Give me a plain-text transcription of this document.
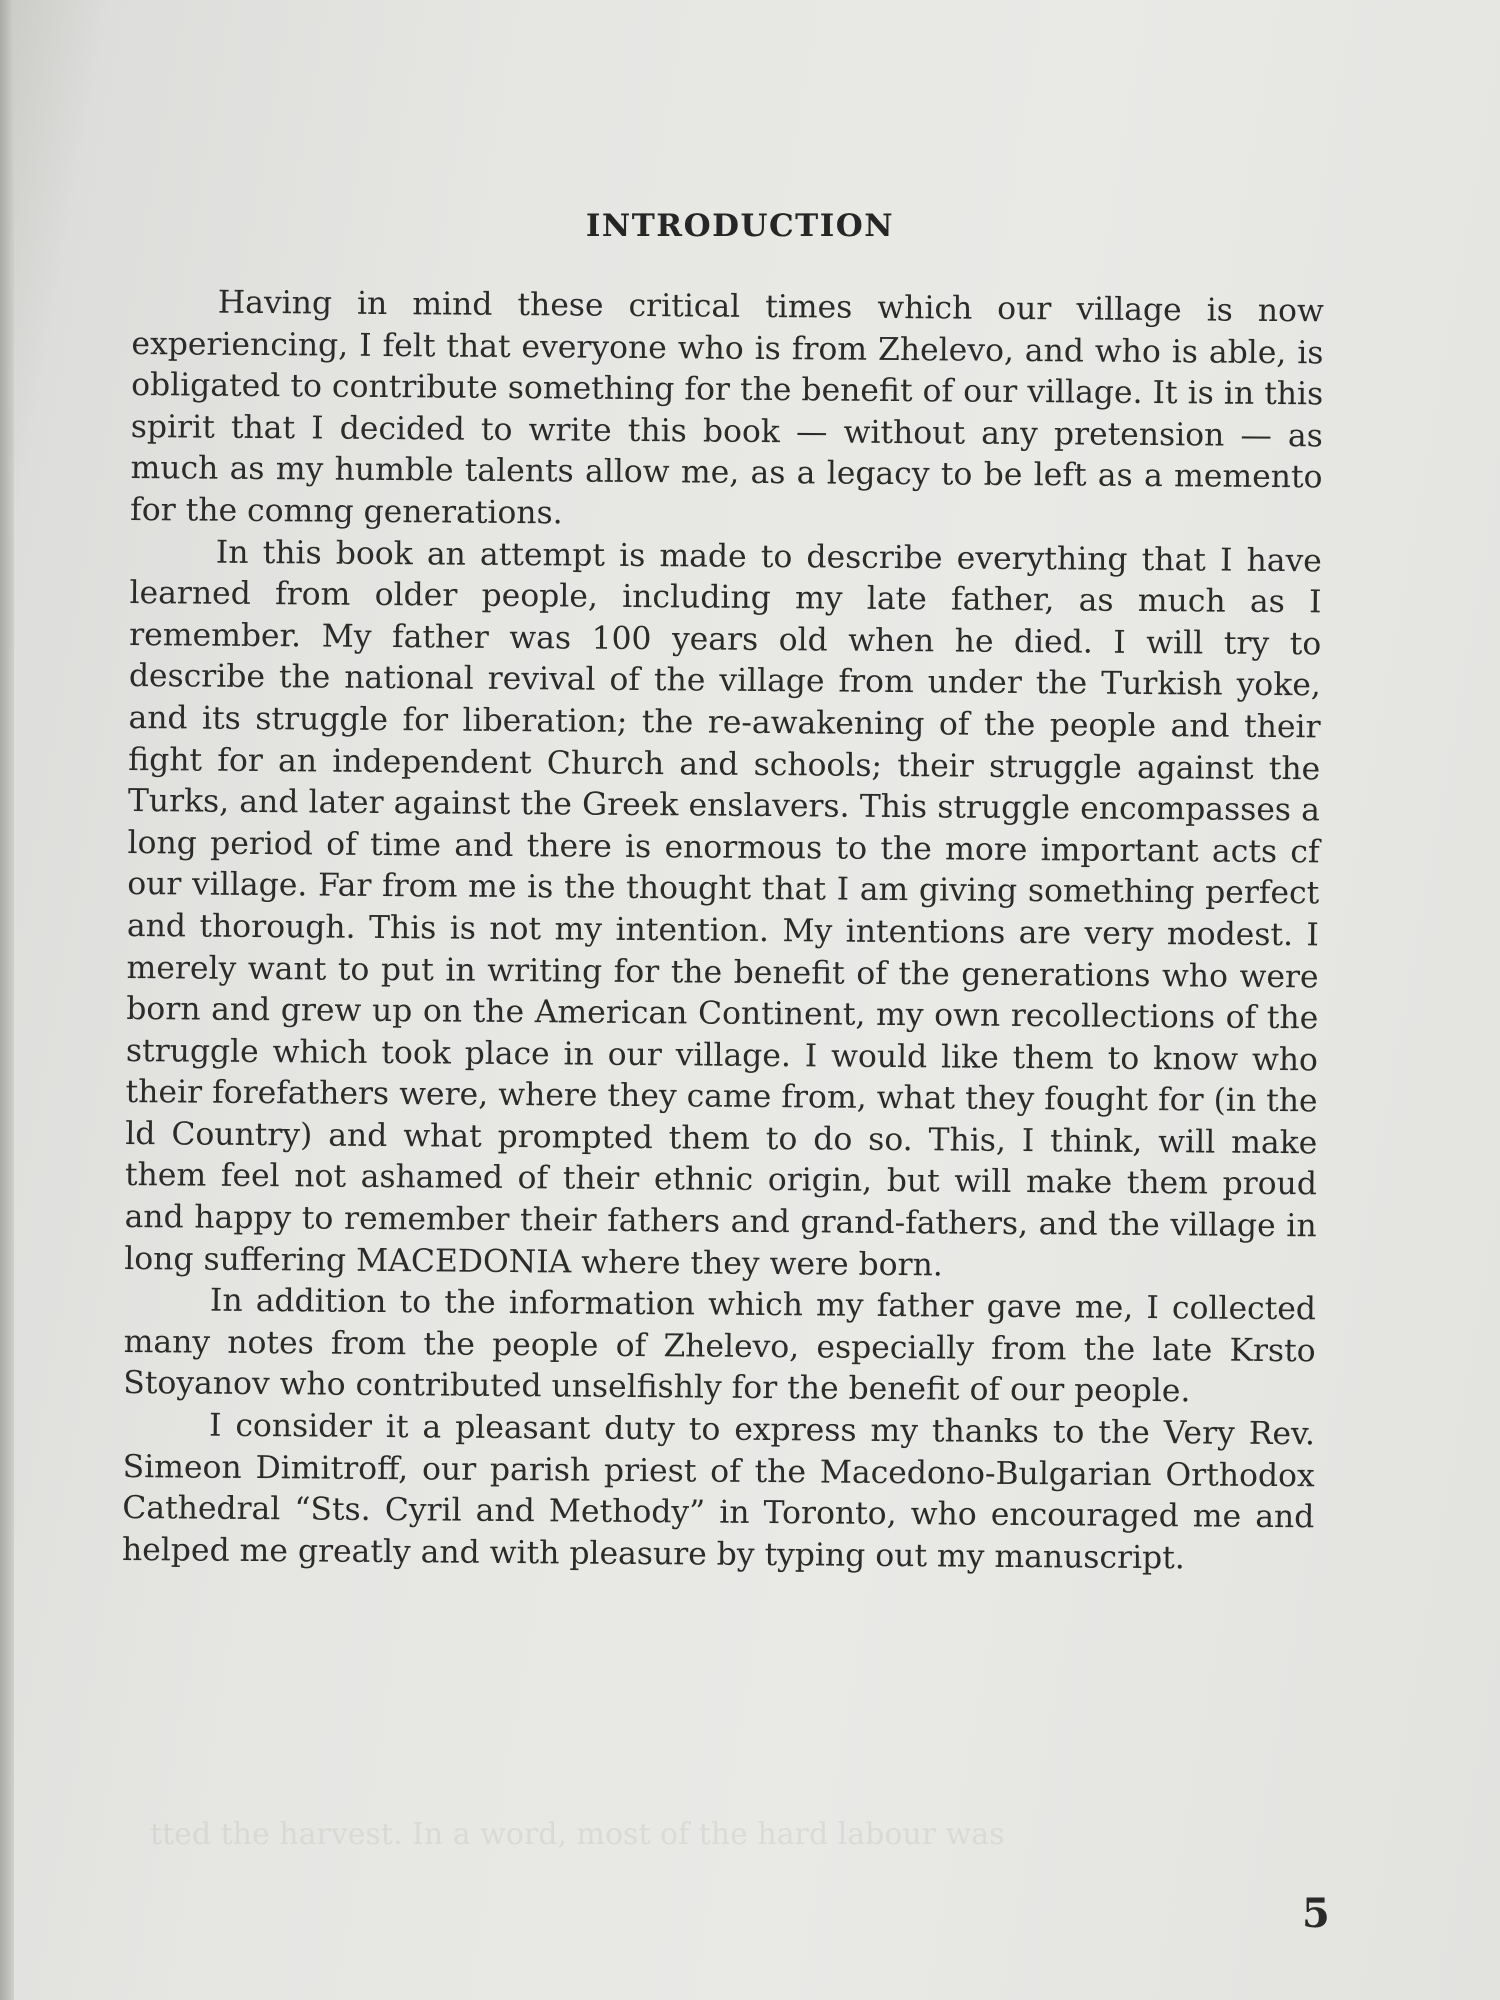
INTRODUCTION

Having in mind these critical times which our village is now experiencing, I felt that everyone who is from Zhelevo, and who is able, is obligated to contribute something for the benefit of our village. It is in this spirit that I decided to write this book — without any pretension — as much as my humble talents allow me, as a legacy to be left as a memento for the comng generations.

In this book an attempt is made to describe everything that I have learned from older people, including my late father, as much as I remember. My father was 100 years old when he died. I will try to describe the national revival of the village from under the Turkish yoke, and its struggle for liberation; the re-awakening of the people and their fight for an independent Church and schools; their struggle against the Turks, and later against the Greek enslavers. This struggle encompasses a long period of time and there is enormous to the more important acts cf our village. Far from me is the thought that I am giving something perfect and thorough. This is not my intention. My intentions are very modest. I merely want to put in writing for the benefit of the generations who were born and grew up on the American Continent, my own recollections of the struggle which took place in our village. I would like them to know who their forefathers were, where they came from, what they fought for (in the ld Country) and what prompted them to do so. This, I think, will make them feel not ashamed of their ethnic origin, but will make them proud and happy to remember their fathers and grand-fathers, and the village in long suffering MACEDONIA where they were born.

In addition to the information which my father gave me, I collected many notes from the people of Zhelevo, especially from the late Krsto Stoyanov who contributed unselfishly for the benefit of our people.

I consider it a pleasant duty to express my thanks to the Very Rev. Simeon Dimitroff, our parish priest of the Macedono-Bulgarian Orthodox Cathedral “Sts. Cyril and Methody” in Toronto, who encouraged me and helped me greatly and with pleasure by typing out my manuscript.

tted the harvest. In a word, most of the hard labour was
5
